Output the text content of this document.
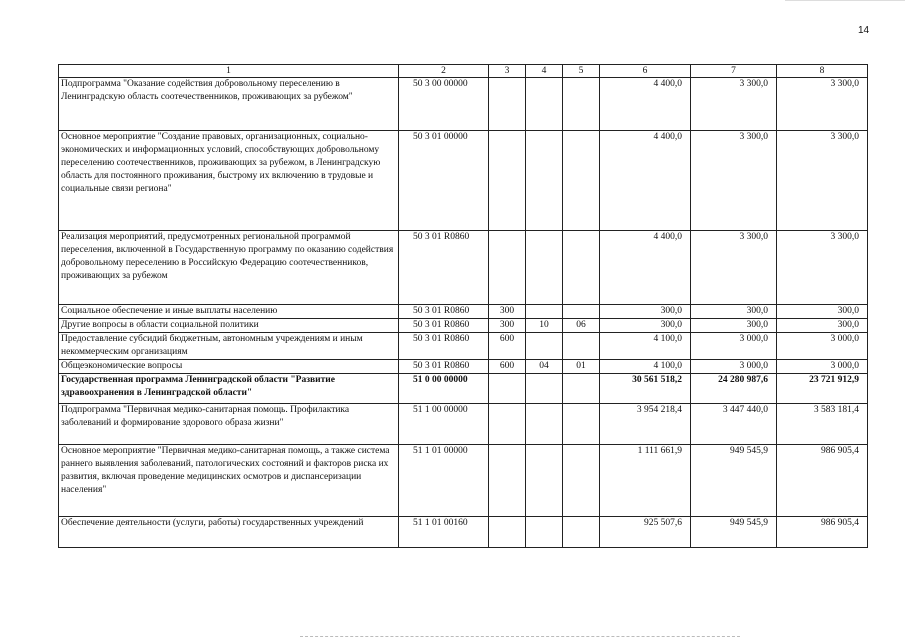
14
1	2	3	4	5	6	7	8
Подпрограмма "Оказание содействия добровольному переселению в Ленинградскую область соотечественников, проживающих за рубежом"	50 3 00 00000				4 400,0	3 300,0	3 300,0
Основное мероприятие "Создание правовых, организационных, социально-экономических и информационных условий, способствующих добровольному переселению соотечественников, проживающих за рубежом, в Ленинградскую область для постоянного проживания, быстрому их включению в трудовые и социальные связи региона"	50 3 01 00000				4 400,0	3 300,0	3 300,0
Реализация мероприятий, предусмотренных региональной программой переселения, включенной в Государственную программу по оказанию содействия добровольному переселению в Российскую Федерацию соотечественников, проживающих за рубежом	50 3 01 R0860				4 400,0	3 300,0	3 300,0
Социальное обеспечение и иные выплаты населению	50 3 01 R0860	300			300,0	300,0	300,0
Другие вопросы в области социальной политики	50 3 01 R0860	300	10	06	300,0	300,0	300,0
Предоставление субсидий бюджетным, автономным учреждениям и иным некоммерческим организациям	50 3 01 R0860	600			4 100,0	3 000,0	3 000,0
Общеэкономические вопросы	50 3 01 R0860	600	04	01	4 100,0	3 000,0	3 000,0
Государственная программа Ленинградской области "Развитие здравоохранения в Ленинградской области"	51 0 00 00000				30 561 518,2	24 280 987,6	23 721 912,9
Подпрограмма "Первичная медико-санитарная помощь. Профилактика заболеваний и формирование здорового образа жизни"	51 1 00 00000				3 954 218,4	3 447 440,0	3 583 181,4
Основное мероприятие "Первичная медико-санитарная помощь, а также система раннего выявления заболеваний, патологических состояний и факторов риска их развития, включая проведение медицинских осмотров и диспансеризации населения"	51 1 01 00000				1 111 661,9	949 545,9	986 905,4
Обеспечение деятельности (услуги, работы) государственных учреждений	51 1 01 00160				925 507,6	949 545,9	986 905,4
